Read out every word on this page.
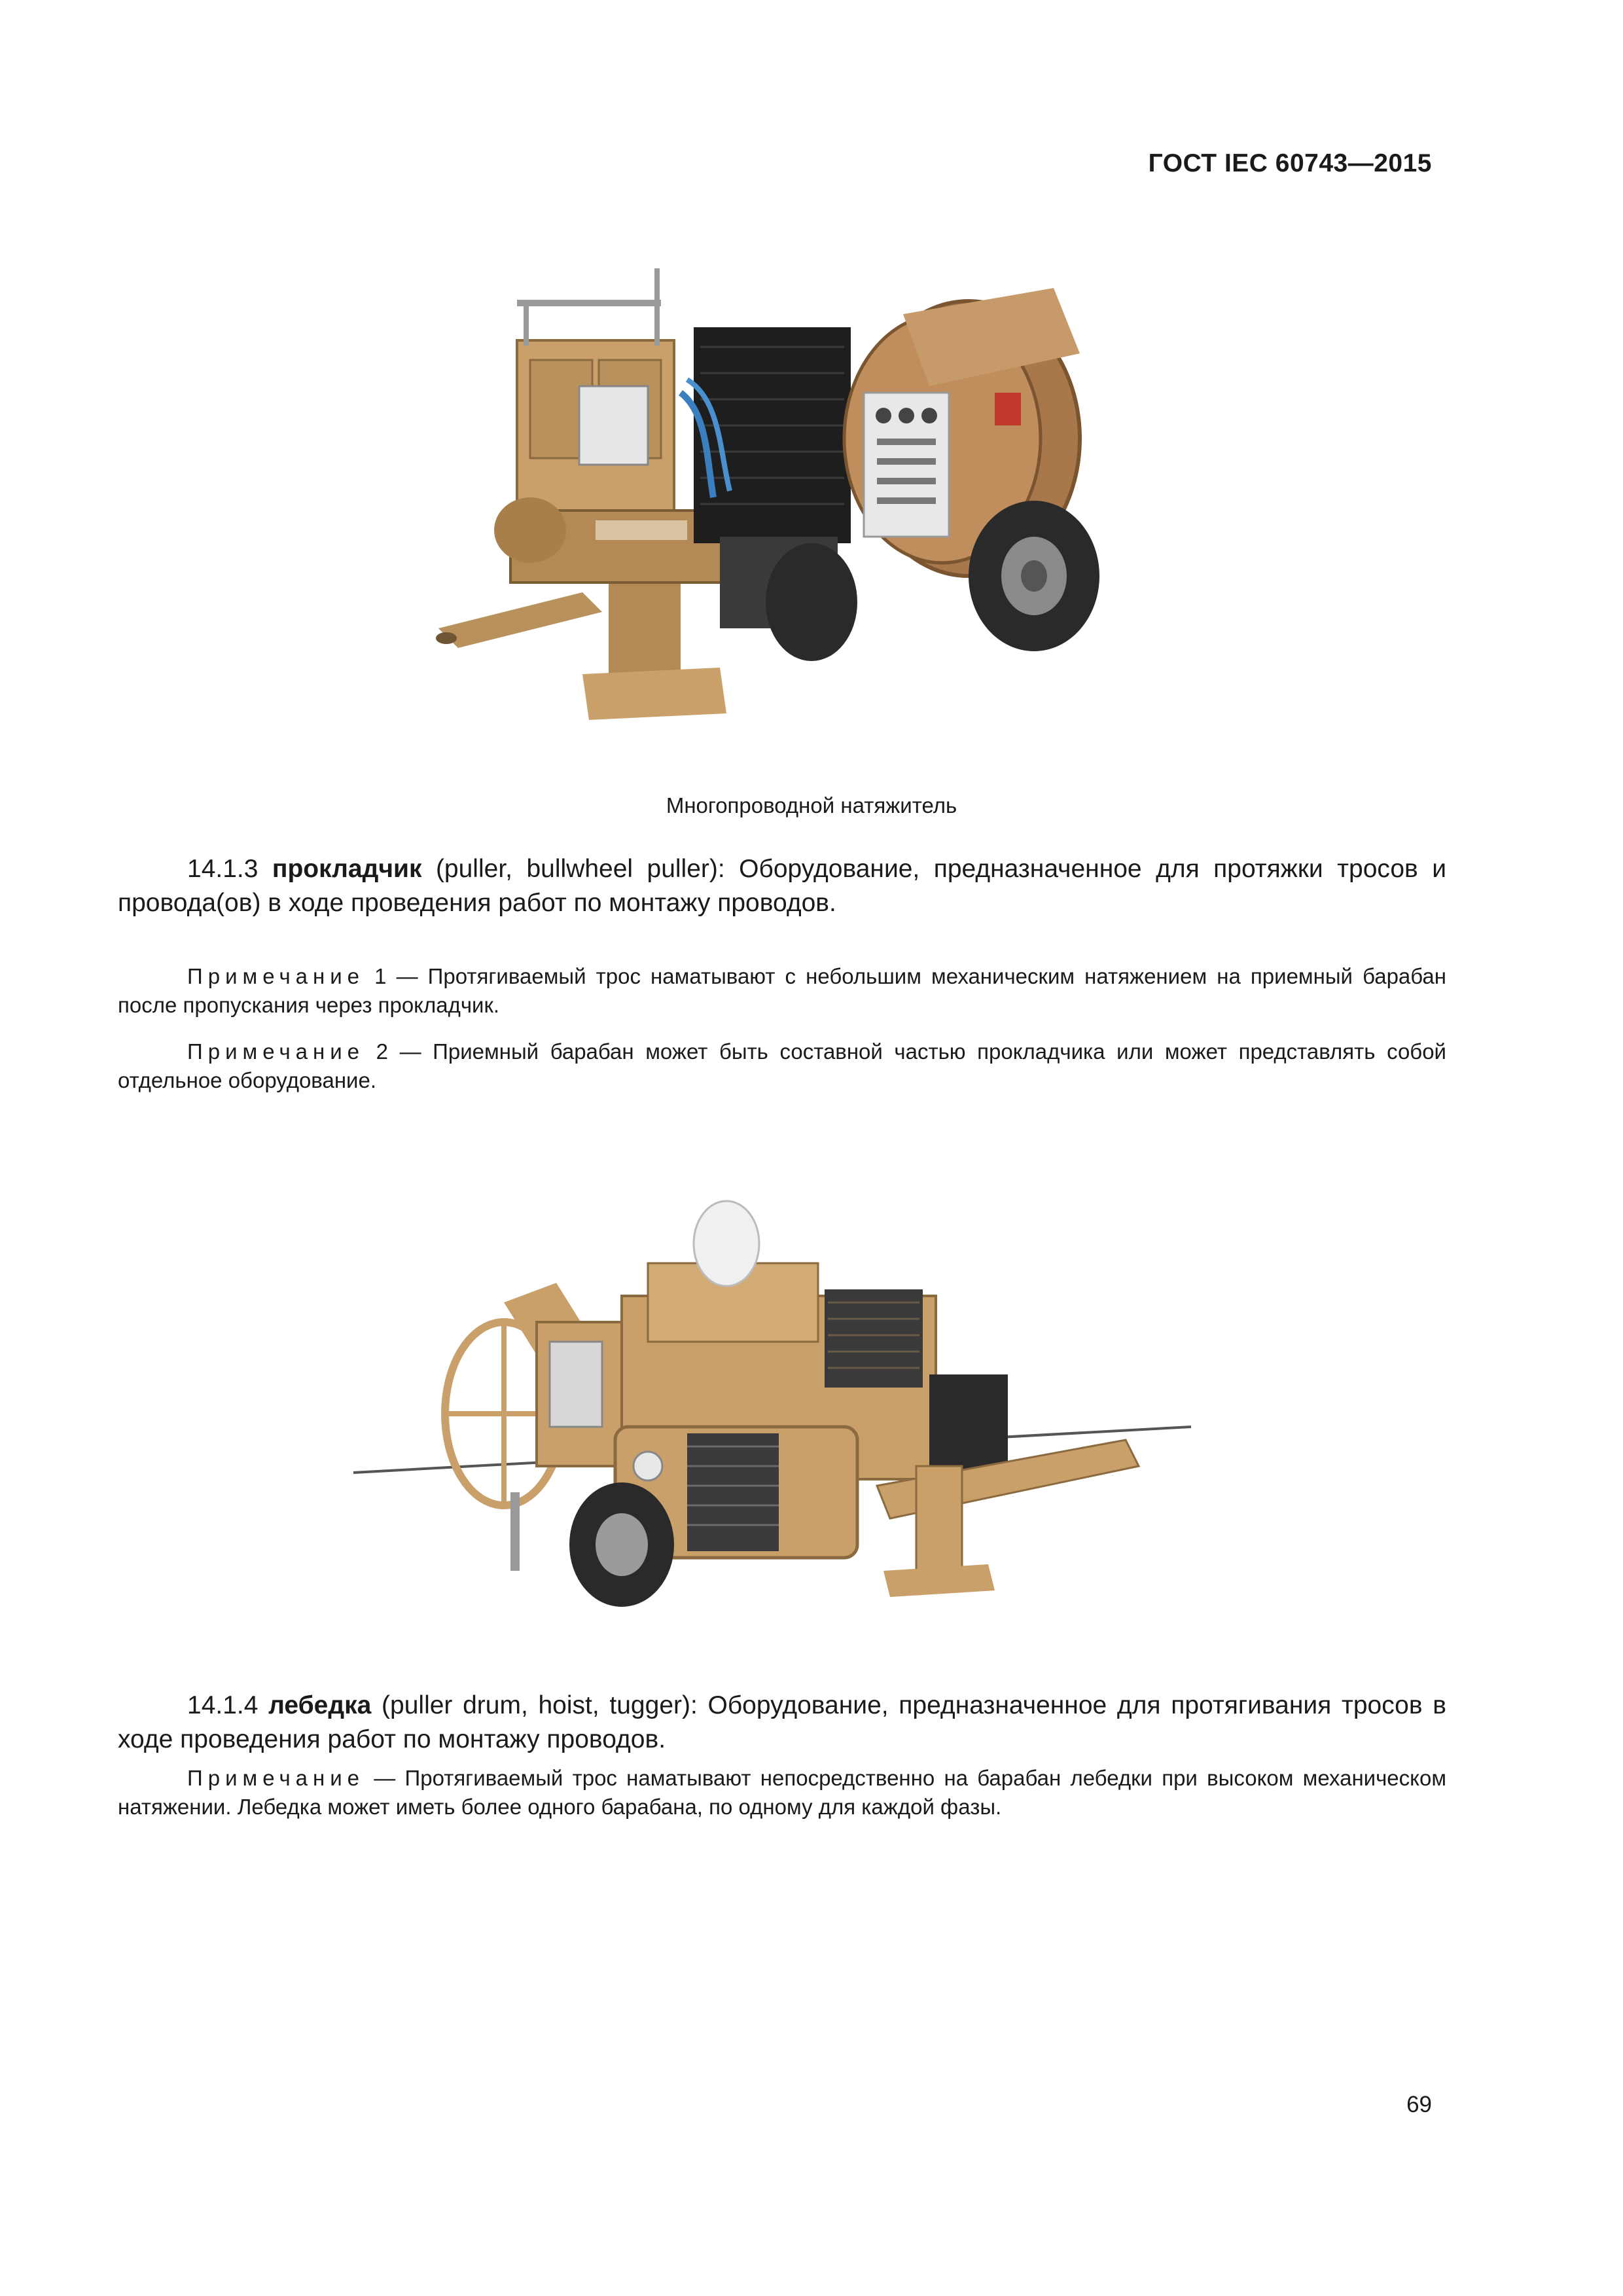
ГОСТ IEC 60743—2015
Многопроводной натяжитель
14.1.3 прокладчик (puller, bullwheel puller): Оборудование, предназначенное для протяжки тросов и провода(ов) в ходе проведения работ по монтажу проводов.
Примечание 1 — Протягиваемый трос наматывают с небольшим механическим натяжением на приемный барабан после пропускания через прокладчик.
Примечание 2 — Приемный барабан может быть составной частью прокладчика или может представлять собой отдельное оборудование.
14.1.4 лебедка (puller drum, hoist, tugger): Оборудование, предназначенное для протягивания тросов в ходе проведения работ по монтажу проводов.
Примечание — Протягиваемый трос наматывают непосредственно на барабан лебедки при высоком механическом натяжении. Лебедка может иметь более одного барабана, по одному для каждой фазы.
69
